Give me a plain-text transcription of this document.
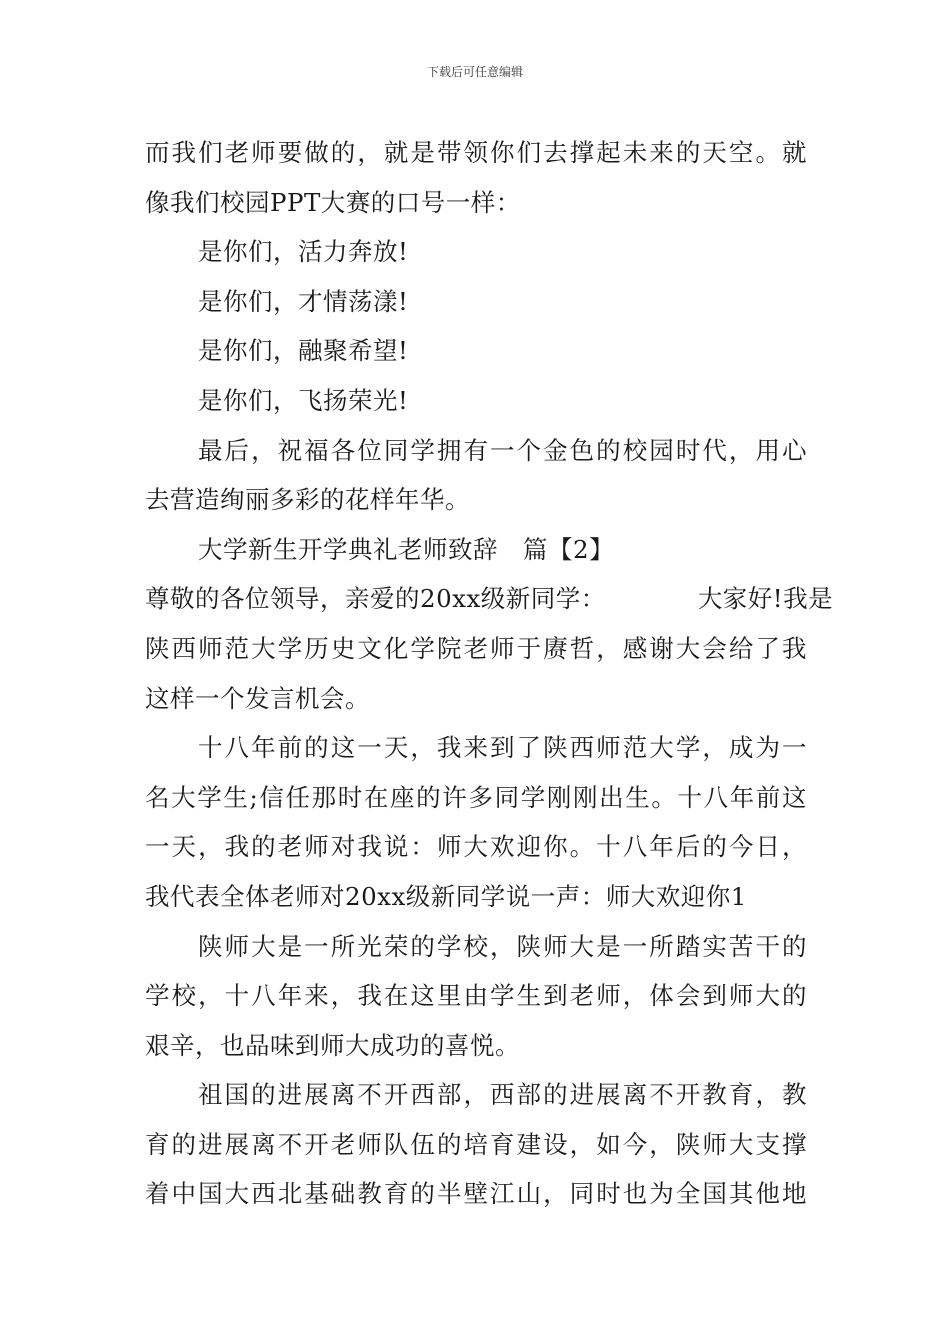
下载后可任意编辑
而我们老师要做的，就是带领你们去撑起未来的天空。就
像我们校园PPT大赛的口号一样：
是你们，活力奔放!
是你们，才情荡漾!
是你们，融聚希望!
是你们，飞扬荣光!
最后，祝福各位同学拥有一个金色的校园时代，用心
去营造绚丽多彩的花样年华。
大学新生开学典礼老师致辞　篇【2】
尊敬的各位领导，亲爱的20xx级新同学：	大家好!我是
陕西师范大学历史文化学院老师于赓哲，感谢大会给了我
这样一个发言机会。
十八年前的这一天，我来到了陕西师范大学，成为一
名大学生;信任那时在座的许多同学刚刚出生。十八年前这
一天，我的老师对我说：师大欢迎你。十八年后的今日，
我代表全体老师对20xx级新同学说一声：师大欢迎你1
陕师大是一所光荣的学校，陕师大是一所踏实苦干的
学校，十八年来，我在这里由学生到老师，体会到师大的
艰辛，也品味到师大成功的喜悦。
祖国的进展离不开西部，西部的进展离不开教育，教
育的进展离不开老师队伍的培育建设，如今，陕师大支撑
着中国大西北基础教育的半壁江山，同时也为全国其他地
